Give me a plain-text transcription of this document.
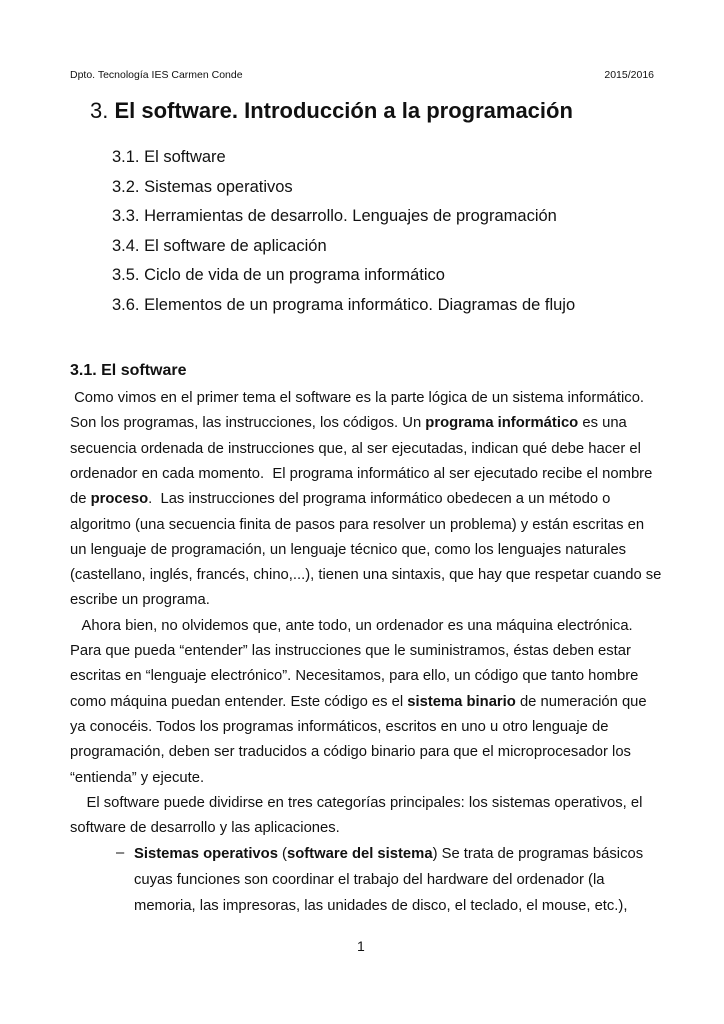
Dpto. Tecnología IES Carmen Conde	2015/2016
3. El software. Introducción a la programación
3.1. El software
3.2. Sistemas operativos
3.3. Herramientas de desarrollo. Lenguajes de programación
3.4. El software de aplicación
3.5. Ciclo de vida de un programa informático
3.6. Elementos de un programa informático. Diagramas de flujo
3.1. El software
Como vimos en el primer tema el software es la parte lógica de un sistema informático.
Son los programas, las instrucciones, los códigos. Un programa informático es una
secuencia ordenada de instrucciones que, al ser ejecutadas, indican qué debe hacer el
ordenador en cada momento.  El programa informático al ser ejecutado recibe el nombre
de proceso.  Las instrucciones del programa informático obedecen a un método o
algoritmo (una secuencia finita de pasos para resolver un problema) y están escritas en
un lenguaje de programación, un lenguaje técnico que, como los lenguajes naturales
(castellano, inglés, francés, chino,...), tienen una sintaxis, que hay que respetar cuando se
escribe un programa.
Ahora bien, no olvidemos que, ante todo, un ordenador es una máquina electrónica.
Para que pueda “entender” las instrucciones que le suministramos, éstas deben estar
escritas en “lenguaje electrónico”. Necesitamos, para ello, un código que tanto hombre
como máquina puedan entender. Este código es el sistema binario de numeración que
ya conocéis. Todos los programas informáticos, escritos en uno u otro lenguaje de
programación, deben ser traducidos a código binario para que el microprocesador los
“entienda” y ejecute.
El software puede dividirse en tres categorías principales: los sistemas operativos, el
software de desarrollo y las aplicaciones.
– Sistemas operativos (software del sistema) Se trata de programas básicos
cuyas funciones son coordinar el trabajo del hardware del ordenador (la
memoria, las impresoras, las unidades de disco, el teclado, el mouse, etc.),
1
